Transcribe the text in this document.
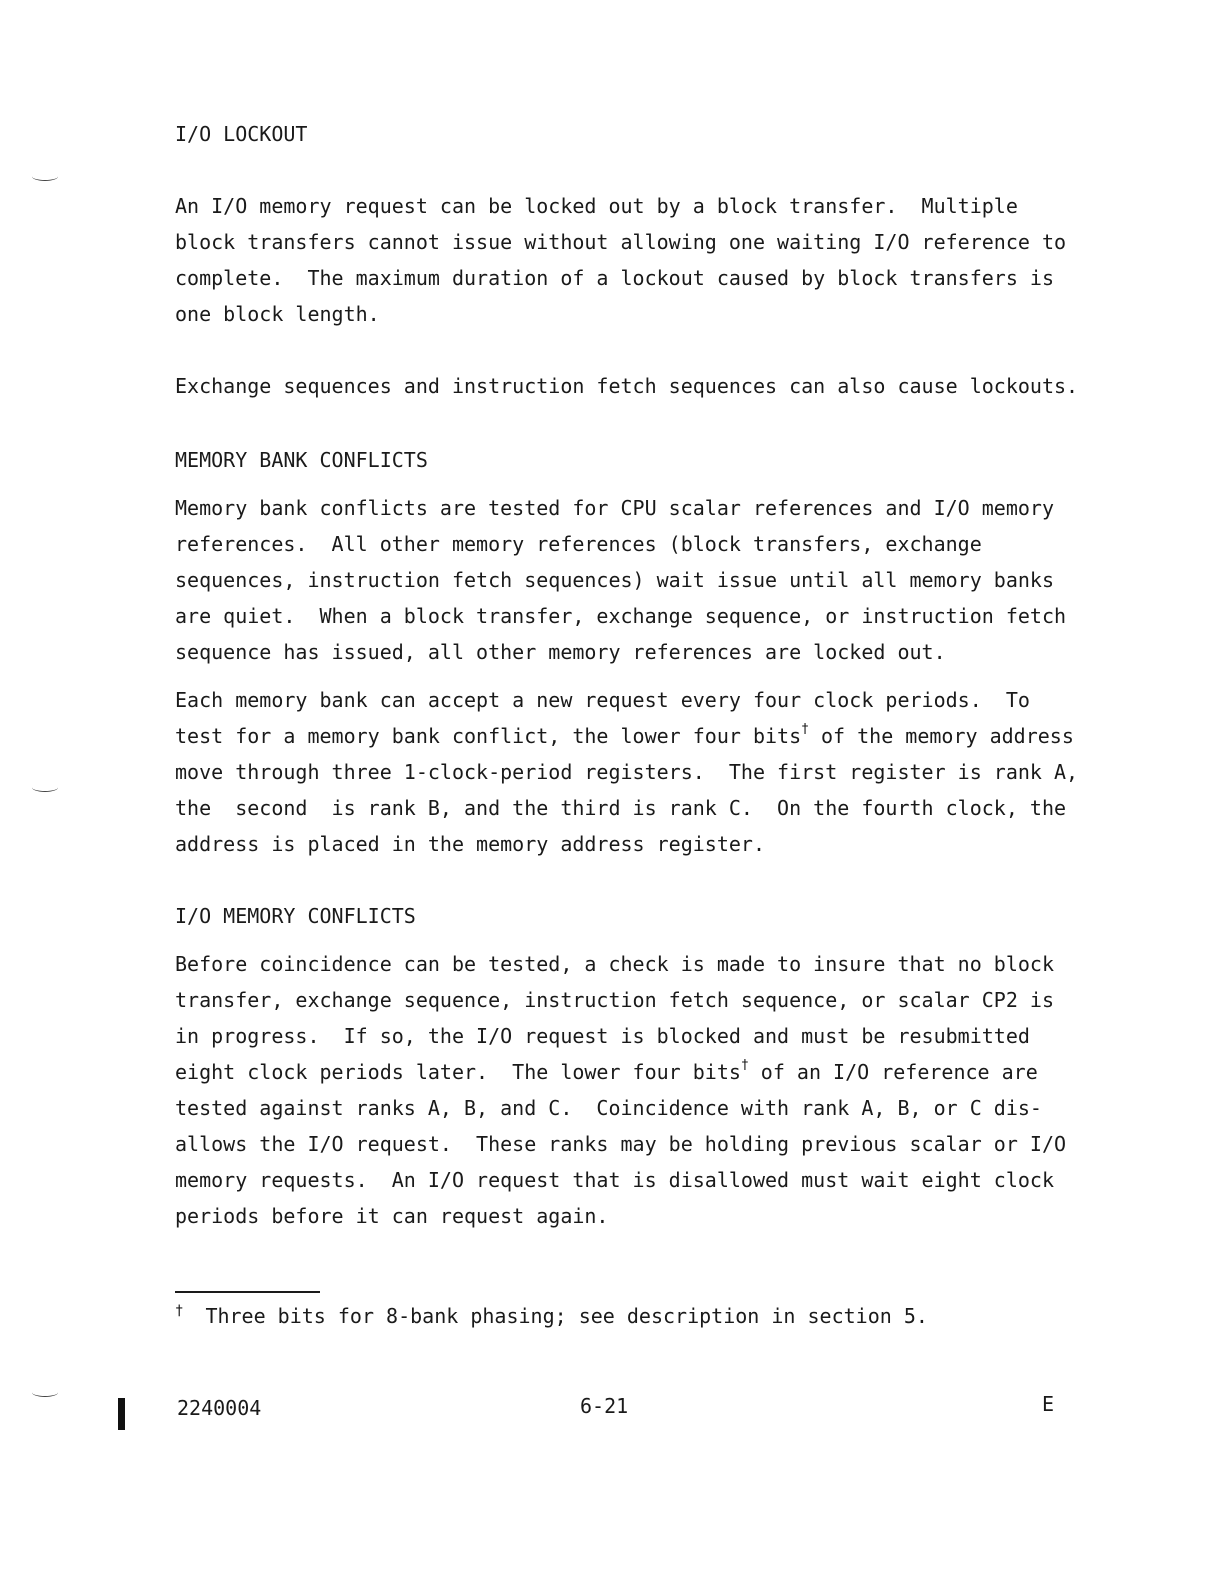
I/O LOCKOUT
An I/O memory request can be locked out by a block transfer.  Multiple
block transfers cannot issue without allowing one waiting I/O reference to
complete.  The maximum duration of a lockout caused by block transfers is
one block length.
Exchange sequences and instruction fetch sequences can also cause lockouts.
MEMORY BANK CONFLICTS
Memory bank conflicts are tested for CPU scalar references and I/O memory
references.  All other memory references (block transfers, exchange
sequences, instruction fetch sequences) wait issue until all memory banks
are quiet.  When a block transfer, exchange sequence, or instruction fetch
sequence has issued, all other memory references are locked out.
Each memory bank can accept a new request every four clock periods.  To
test for a memory bank conflict, the lower four bits† of the memory address
move through three 1-clock-period registers.  The first register is rank A,
the  second  is rank B, and the third is rank C.  On the fourth clock, the
address is placed in the memory address register.
I/O MEMORY CONFLICTS
Before coincidence can be tested, a check is made to insure that no block
transfer, exchange sequence, instruction fetch sequence, or scalar CP2 is
in progress.  If so, the I/O request is blocked and must be resubmitted
eight clock periods later.  The lower four bits† of an I/O reference are
tested against ranks A, B, and C.  Coincidence with rank A, B, or C dis-
allows the I/O request.  These ranks may be holding previous scalar or I/O
memory requests.  An I/O request that is disallowed must wait eight clock
periods before it can request again.
† Three bits for 8-bank phasing; see description in section 5.
2240004	6-21	E
